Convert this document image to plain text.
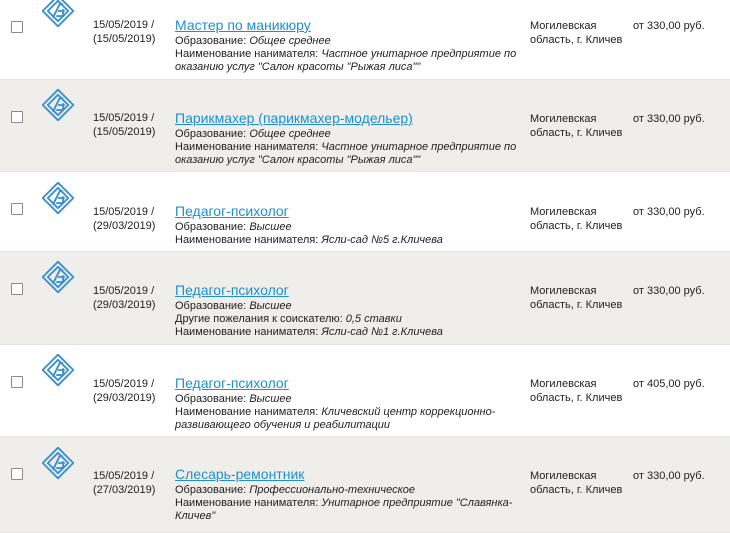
15/05/2019 /
(15/05/2019)
Мастер по маникюру
Образование: Общее среднее
Наименование нанимателя: Частное унитарное предприятие по оказанию услуг "Салон красоты "Рыжая лиса""
Могилевская
область, г. Кличев
от 330,00 руб.
15/05/2019 /
(15/05/2019)
Парикмахер (парикмахер-модельер)
Образование: Общее среднее
Наименование нанимателя: Частное унитарное предприятие по оказанию услуг "Салон красоты "Рыжая лиса""
Могилевская
область, г. Кличев
от 330,00 руб.
15/05/2019 /
(29/03/2019)
Педагог-психолог
Образование: Высшее
Наименование нанимателя: Ясли-сад №5 г.Кличева
Могилевская
область, г. Кличев
от 330,00 руб.
15/05/2019 /
(29/03/2019)
Педагог-психолог
Образование: Высшее
Другие пожелания к соискателю: 0,5 ставки
Наименование нанимателя: Ясли-сад №1 г.Кличева
Могилевская
область, г. Кличев
от 330,00 руб.
15/05/2019 /
(29/03/2019)
Педагог-психолог
Образование: Высшее
Наименование нанимателя: Кличевский центр коррекционно-развивающего обучения и реабилитации
Могилевская
область, г. Кличев
от 405,00 руб.
15/05/2019 /
(27/03/2019)
Слесарь-ремонтник
Образование: Профессионально-техническое
Наименование нанимателя: Унитарное предприятие "Славянка-Кличев"
Могилевская
область, г. Кличев
от 330,00 руб.
